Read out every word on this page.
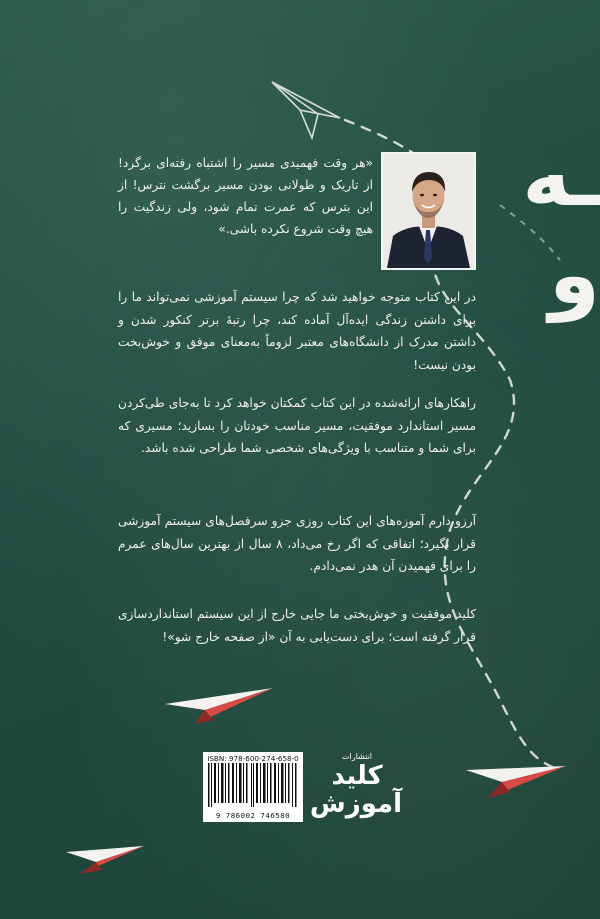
ـه
و

«هر وقت فهمیدی مسیر را اشتباه رفته‌ای برگرد! از تاریک و طولانی بودن مسیر برگشت نترس! از این بترس که عمرت تمام شود، ولی زندگیت را هیچ وقت شروع نکرده باشی.»

در این کتاب متوجه خواهید شد که چرا سیستم آموزشی نمی‌تواند ما را برای داشتن زندگی ایده‌آل آماده کند، چرا رتبهٔ برتر کنکور شدن و داشتن مدرک از دانشگاه‌های معتبر لزوماً به‌معنای موفق و خوش‌بخت بودن نیست!

راهکارهای ارائه‌شده در این کتاب کمکتان خواهد کرد تا به‌جای طی‌کردن مسیر استاندارد موفقیت، مسیر مناسب خودتان را بسازید؛ مسیری که برای شما و متناسب با ویژگی‌های شخصی شما طراحی شده باشد.

آرزو دارم آموزه‌های این کتاب روزی جزو سرفصل‌های سیستم آموزشی قرار بگیرد؛ اتفاقی که اگر رخ می‌داد، ۸ سال از بهترین سال‌های عمرم را برای فهمیدن آن هدر نمی‌دادم.

کلید موفقیت و خوش‌بختی ما جایی خارج از این سیستم استانداردسازی قرار گرفته است؛ برای دست‌یابی به آن «از صفحه خارج شو»!

ISBN: 978-600-274-658-0
9 786002 746580
انتشارات
کلید
آموزش
